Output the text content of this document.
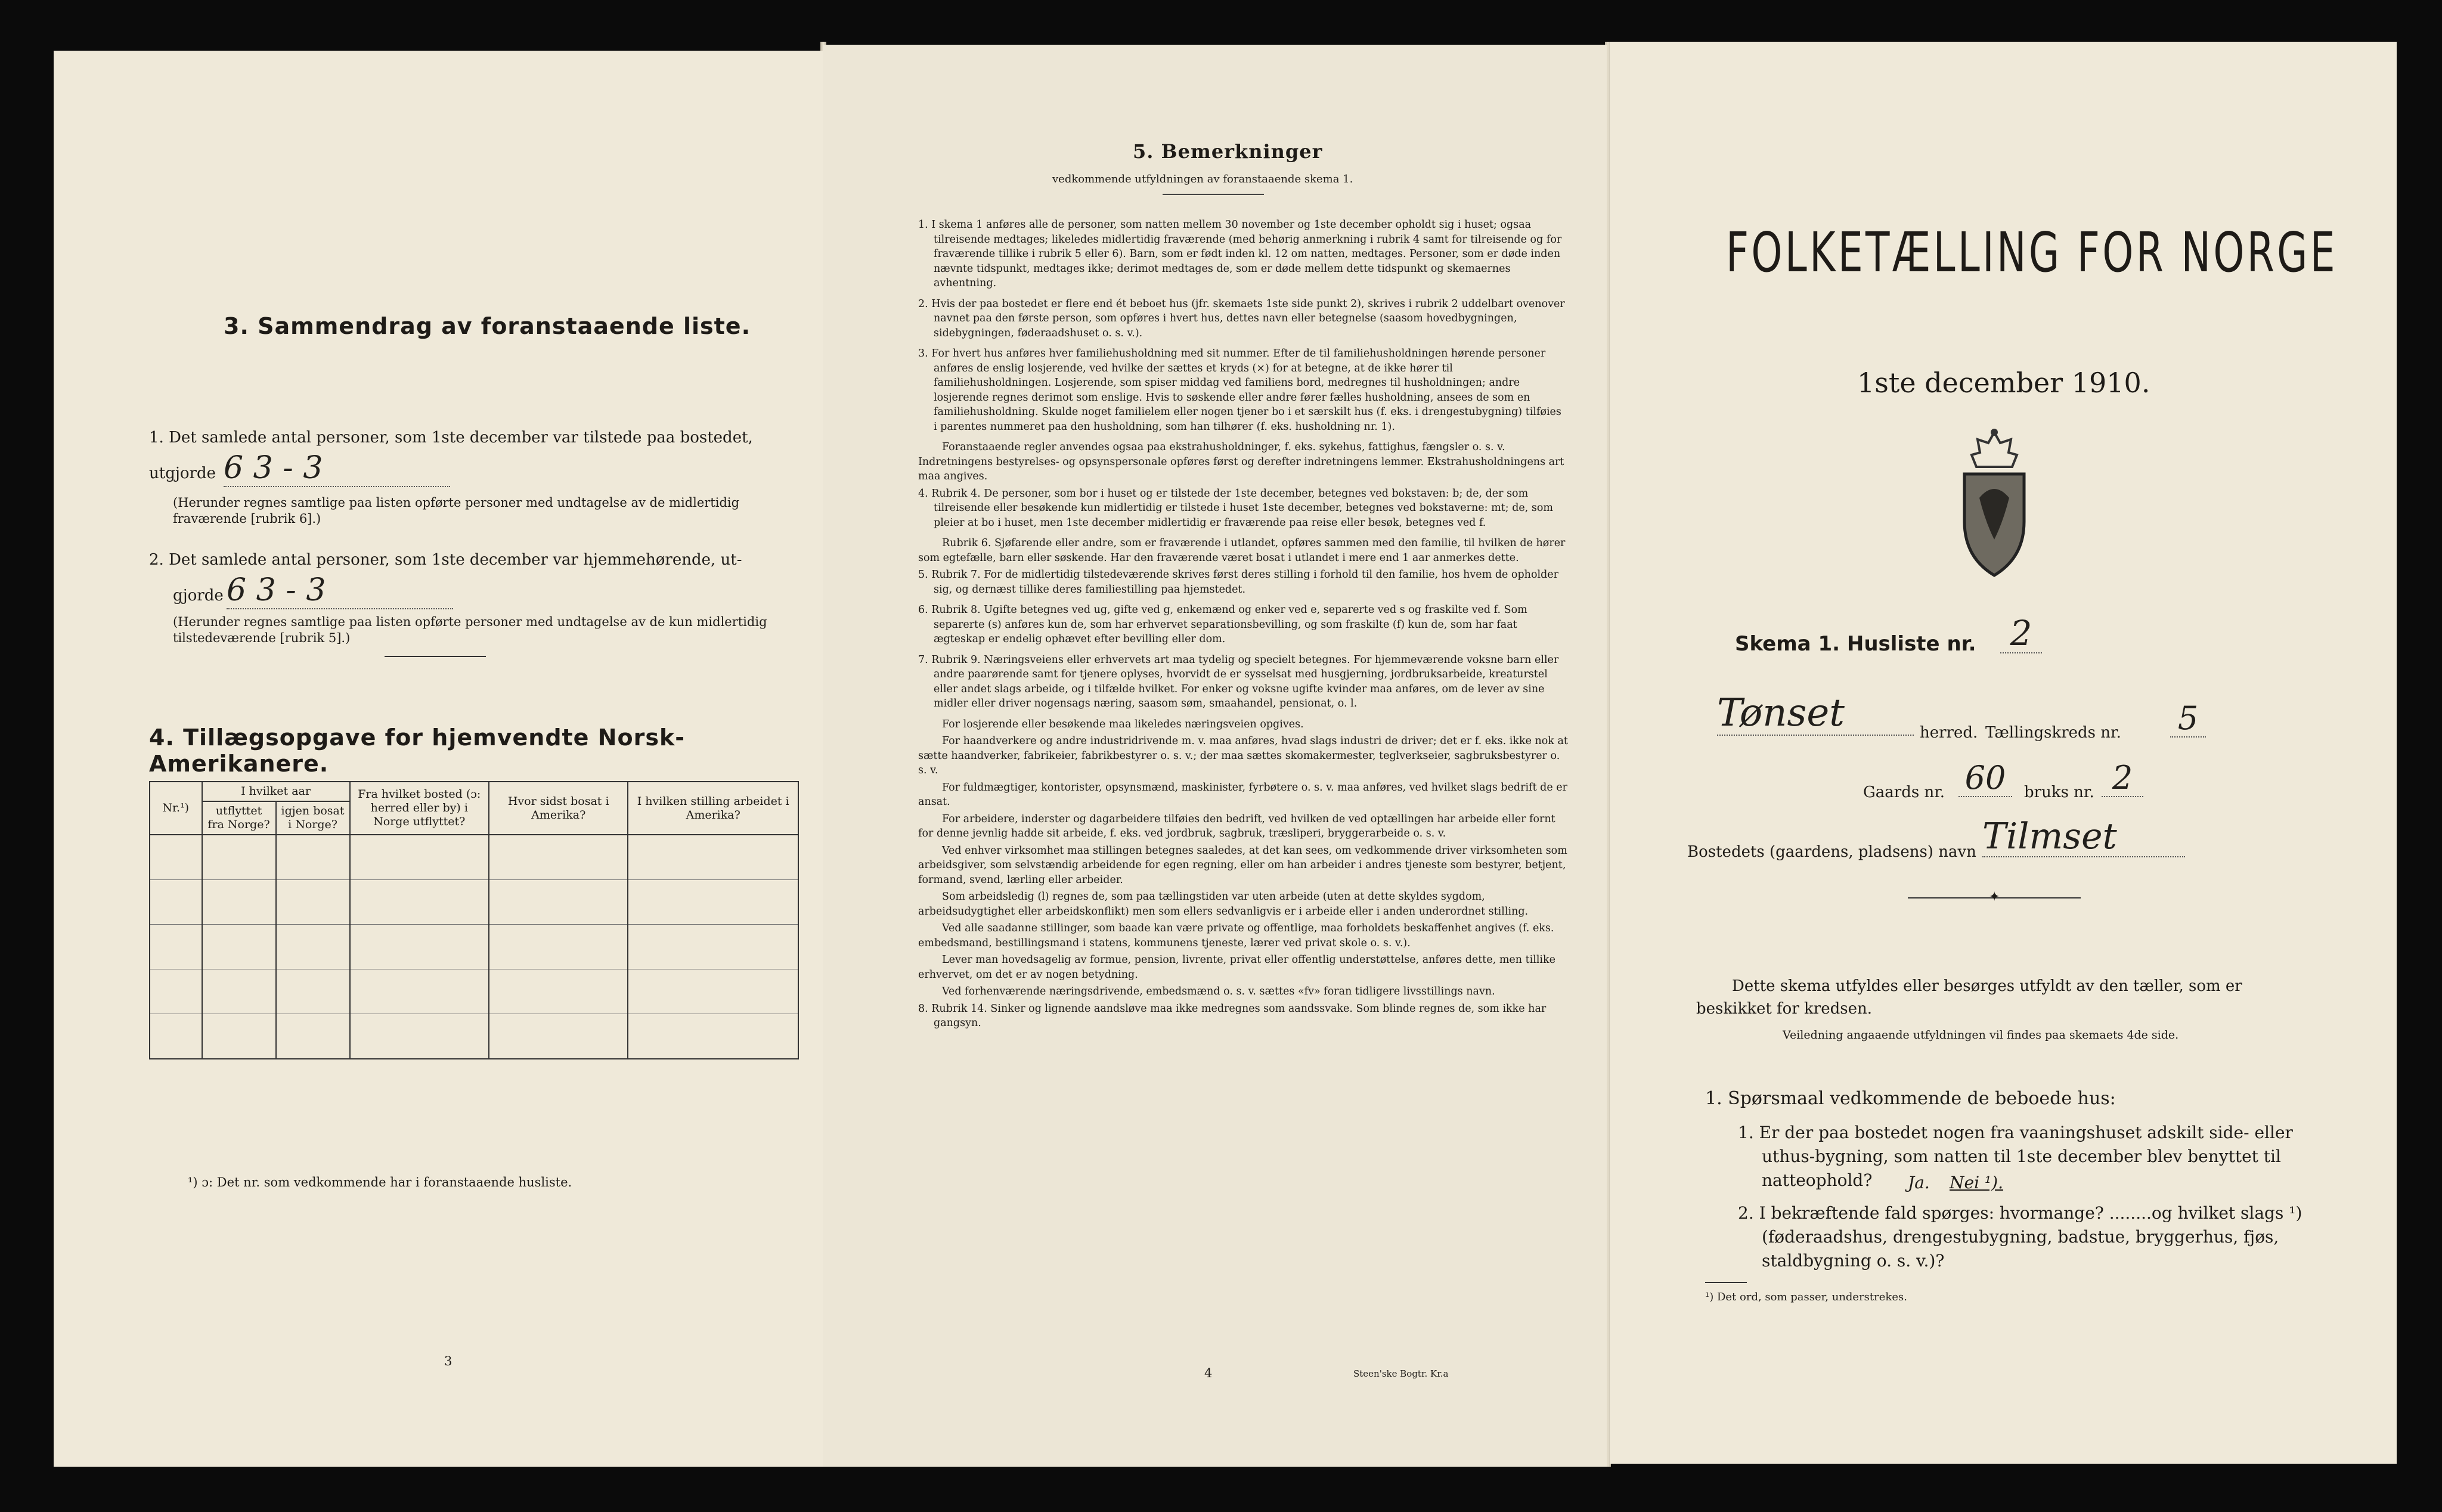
3. Sammendrag av foranstaaende liste.
1. Det samlede antal personer, som 1ste december var tilstede paa bostedet,
utgjorde 6 3 - 3
(Herunder regnes samtlige paa listen opførte personer med undtagelse av de midlertidig fraværende [rubrik 6].)
2. Det samlede antal personer, som 1ste december var hjemmehørende, ut-
gjorde 6 3 - 3
(Herunder regnes samtlige paa listen opførte personer med undtagelse av de kun midlertidig tilstedeværende [rubrik 5].)
4. Tillægsopgave for hjemvendte Norsk-Amerikanere.
Nr.¹)	I hvilket aar		Fra hvilket bosted (ɔ: herred eller by) i Norge utflyttet?	Hvor sidst bosat i Amerika?	I hvilken stilling arbeidet i Amerika?
	utflyttet fra Norge?	igjen bosat i Norge?			

¹) ɔ: Det nr. som vedkommende har i foranstaaende husliste.
3
5. Bemerkninger
vedkommende utfyldningen av foranstaaende skema 1.

1. I skema 1 anføres alle de personer, som natten mellem 30 november og 1ste december opholdt sig i huset; ogsaa tilreisende medtages; likeledes midlertidig fraværende (med behørig anmerkning i rubrik 4 samt for tilreisende og for fraværende tillike i rubrik 5 eller 6). Barn, som er født inden kl. 12 om natten, medtages. Personer, som er døde inden nævnte tidspunkt, medtages ikke; derimot medtages de, som er døde mellem dette tidspunkt og skemaernes avhentning.

2. Hvis der paa bostedet er flere end ét beboet hus (jfr. skemaets 1ste side punkt 2), skrives i rubrik 2 uddelbart ovenover navnet paa den første person, som opføres i hvert hus, dettes navn eller betegnelse (saasom hovedbygningen, sidebygningen, føderaadshuset o. s. v.).

3. For hvert hus anføres hver familiehusholdning med sit nummer. Efter de til familiehusholdningen hørende personer anføres de enslig losjerende, ved hvilke der sættes et kryds (×) for at betegne, at de ikke hører til familiehusholdningen. Losjerende, som spiser middag ved familiens bord, medregnes til husholdningen; andre losjerende regnes derimot som enslige. Hvis to søskende eller andre fører fælles husholdning, ansees de som en familiehusholdning. Skulde noget familielem eller nogen tjener bo i et særskilt hus (f. eks. i drengestubygning) tilføies i parentes nummeret paa den husholdning, som han tilhører (f. eks. husholdning nr. 1).

Foranstaaende regler anvendes ogsaa paa ekstrahusholdninger, f. eks. sykehus, fattighus, fængsler o. s. v. Indretningens bestyrelses- og opsynspersonale opføres først og derefter indretningens lemmer. Ekstrahusholdningens art maa angives.

4. Rubrik 4. De personer, som bor i huset og er tilstede der 1ste december, betegnes ved bokstaven: b; de, der som tilreisende eller besøkende kun midlertidig er tilstede i huset 1ste december, betegnes ved bokstaverne: mt; de, som pleier at bo i huset, men 1ste december midlertidig er fraværende paa reise eller besøk, betegnes ved f.

Rubrik 6. Sjøfarende eller andre, som er fraværende i utlandet, opføres sammen med den familie, til hvilken de hører som egtefælle, barn eller søskende. Har den fraværende været bosat i utlandet i mere end 1 aar anmerkes dette.

5. Rubrik 7. For de midlertidig tilstedeværende skrives først deres stilling i forhold til den familie, hos hvem de opholder sig, og dernæst tillike deres familiestilling paa hjemstedet.

6. Rubrik 8. Ugifte betegnes ved ug, gifte ved g, enkemænd og enker ved e, separerte ved s og fraskilte ved f. Som separerte (s) anføres kun de, som har erhvervet separationsbevilling, og som fraskilte (f) kun de, som har faat ægteskap er endelig ophævet efter bevilling eller dom.

7. Rubrik 9. Næringsveiens eller erhvervets art maa tydelig og specielt betegnes. For hjemmeværende voksne barn eller andre paarørende samt for tjenere oplyses, hvorvidt de er sysselsat med husgjerning, jordbruksarbeide, kreaturstel eller andet slags arbeide, og i tilfælde hvilket. For enker og voksne ugifte kvinder maa anføres, om de lever av sine midler eller driver nogensags næring, saasom søm, smaahandel, pensionat, o. l.

For losjerende eller besøkende maa likeledes næringsveien opgives.

For haandverkere og andre industridrivende m. v. maa anføres, hvad slags industri de driver; det er f. eks. ikke nok at sætte haandverker, fabrikeier, fabrikbestyrer o. s. v.; der maa sættes skomakermester, teglverkseier, sagbruksbestyrer o. s. v.

For fuldmægtiger, kontorister, opsynsmænd, maskinister, fyrbøtere o. s. v. maa anføres, ved hvilket slags bedrift de er ansat.

For arbeidere, inderster og dagarbeidere tilføies den bedrift, ved hvilken de ved optællingen har arbeide eller fornt for denne jevnlig hadde sit arbeide, f. eks. ved jordbruk, sagbruk, træsliperi, bryggerarbeide o. s. v.

Ved enhver virksomhet maa stillingen betegnes saaledes, at det kan sees, om vedkommende driver virksomheten som arbeidsgiver, som selvstændig arbeidende for egen regning, eller om han arbeider i andres tjeneste som bestyrer, betjent, formand, svend, lærling eller arbeider.

Som arbeidsledig (l) regnes de, som paa tællingstiden var uten arbeide (uten at dette skyldes sygdom, arbeidsudygtighet eller arbeidskonflikt) men som ellers sedvanligvis er i arbeide eller i anden underordnet stilling.

Ved alle saadanne stillinger, som baade kan være private og offentlige, maa forholdets beskaffenhet angives (f. eks. embedsmand, bestillingsmand i statens, kommunens tjeneste, lærer ved privat skole o. s. v.).

Lever man hovedsagelig av formue, pension, livrente, privat eller offentlig understøttelse, anføres dette, men tillike erhvervet, om det er av nogen betydning.

Ved forhenværende næringsdrivende, embedsmænd o. s. v. sættes «fv» foran tidligere livsstillings navn.

8. Rubrik 14. Sinker og lignende aandsløve maa ikke medregnes som aandssvake. Som blinde regnes de, som ikke har gangsyn.

4	Steen'ske Bogtr. Kr.a
FOLKETÆLLING FOR NORGE
1ste december 1910.
Skema 1. Husliste nr. 2
Tønset	herred. Tællingskreds nr. 5
Gaards nr. 60	bruks nr. 2
Bostedets (gaardens, pladsens) navn Tilmset
✦
Dette skema utfyldes eller besørges utfyldt av den tæller, som er beskikket for kredsen.
Veiledning angaaende utfyldningen vil findes paa skemaets 4de side.
1. Spørsmaal vedkommende de beboede hus:
1. Er der paa bostedet nogen fra vaaningshuset adskilt side- eller uthus-bygning, som natten til 1ste december blev benyttet til natteophold?	Ja. Nei ¹).
2. I bekræftende fald spørges: hvormange? ........og hvilket slags ¹) (føderaadshus, drengestubygning, badstue, bryggerhus, fjøs, staldbygning o. s. v.)?
¹) Det ord, som passer, understrekes.
